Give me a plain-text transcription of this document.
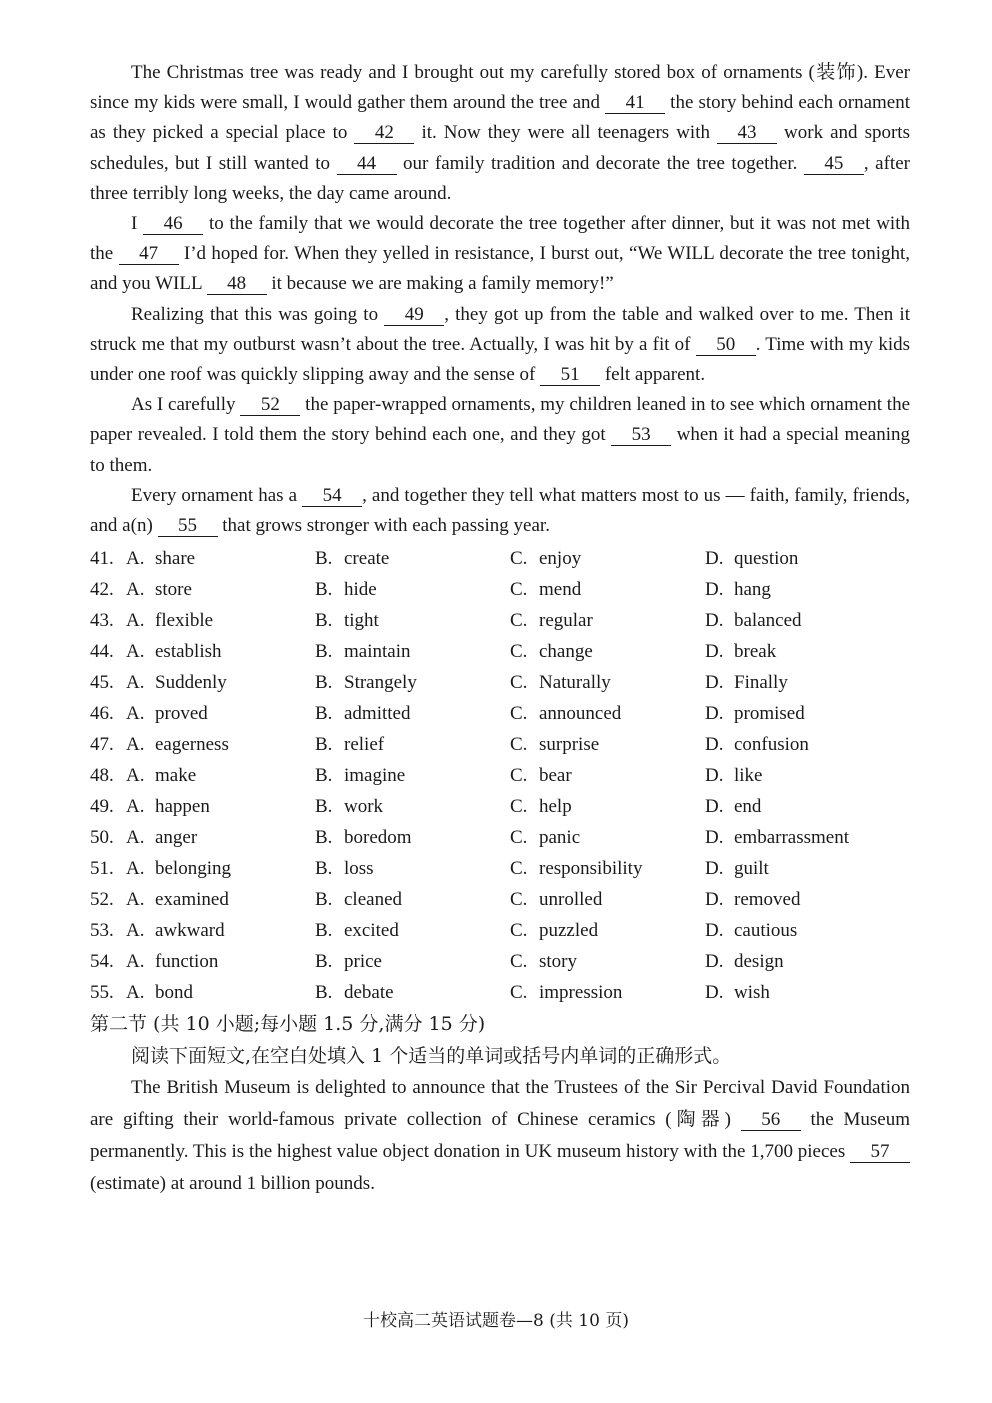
The Christmas tree was ready and I brought out my carefully stored box of ornaments (装饰). Ever since my kids were small, I would gather them around the tree and 41 the story behind each ornament as they picked a special place to 42 it. Now they were all teenagers with 43 work and sports schedules, but I still wanted to 44 our family tradition and decorate the tree together. 45 , after three terribly long weeks, the day came around.

I 46 to the family that we would decorate the tree together after dinner, but it was not met with the 47 I’d hoped for. When they yelled in resistance, I burst out, “We WILL decorate the tree tonight, and you WILL 48 it because we are making a family memory!”

Realizing that this was going to 49 , they got up from the table and walked over to me. Then it struck me that my outburst wasn’t about the tree. Actually, I was hit by a fit of 50 . Time with my kids under one roof was quickly slipping away and the sense of 51 felt apparent.

As I carefully 52 the paper-wrapped ornaments, my children leaned in to see which ornament the paper revealed. I told them the story behind each one, and they got 53 when it had a special meaning to them.

Every ornament has a 54 , and together they tell what matters most to us — faith, family, friends, and a(n) 55 that grows stronger with each passing year.

41. A. share	B. create	C. enjoy	D. question
42. A. store	B. hide	C. mend	D. hang
43. A. flexible	B. tight	C. regular	D. balanced
44. A. establish	B. maintain	C. change	D. break
45. A. Suddenly	B. Strangely	C. Naturally	D. Finally
46. A. proved	B. admitted	C. announced	D. promised
47. A. eagerness	B. relief	C. surprise	D. confusion
48. A. make	B. imagine	C. bear	D. like
49. A. happen	B. work	C. help	D. end
50. A. anger	B. boredom	C. panic	D. embarrassment
51. A. belonging	B. loss	C. responsibility	D. guilt
52. A. examined	B. cleaned	C. unrolled	D. removed
53. A. awkward	B. excited	C. puzzled	D. cautious
54. A. function	B. price	C. story	D. design
55. A. bond	B. debate	C. impression	D. wish

第二节 (共 10 小题;每小题 1.5 分,满分 15 分)

阅读下面短文,在空白处填入 1 个适当的单词或括号内单词的正确形式。

The British Museum is delighted to announce that the Trustees of the Sir Percival David Foundation are gifting their world-famous private collection of Chinese ceramics (陶器) 56 the Museum permanently. This is the highest value object donation in UK museum history with the 1,700 pieces 57(estimate) at around 1 billion pounds.

十校高二英语试题卷—8 (共 10 页)
